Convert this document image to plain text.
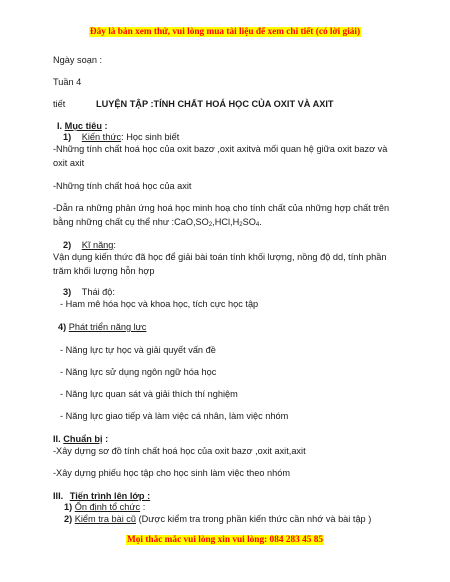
Đây là bản xem thử, vui lòng mua tài liệu để xem chi tiết (có lời giải)
Ngày soạn :
Tuần 4
tiết	LUYỆN TẬP :TÍNH CHẤT HOÁ HỌC CỦA OXIT VÀ AXIT
I. Mục tiêu :
1) Kiến thức: Học sinh biết
-Những tính chất hoá học của oxit bazơ ,oxit axitvà mối quan hệ giữa oxit bazơ và
oxit axit
-Những tính chất hoá học của axit
-Dẫn ra những phản ứng hoá học minh hoạ cho tính chất của những hợp chất trên
bằng những chất cụ thể như $:CaO,SO_2,HCl,H_2SO_4$.
2) Kĩ năng:
Vận dụng kiến thức đã học để giải bài toán tính khối lượng, nồng độ dd, tính phần
trăm khối lượng hỗn hợp
3) Thái độ:
- Ham mê hóa học và khoa học, tích cực học tập
4) Phát triển năng lực
- Năng lực tự học và giải quyết vấn đề
- Năng lực sử dụng ngôn ngữ hóa học
- Năng lực quan sát và giải thích thí nghiệm
- Năng lực giao tiếp và làm việc cá nhân, làm việc nhóm
II. Chuẩn bị :
-Xây dựng sơ đồ tính chất hoá học của oxit bazơ ,oxit axit,axit
-Xây dựng phiếu học tập cho học sinh làm việc theo nhóm
III. Tiến trình lên lớp :
1) Ổn định tổ chức :
2) Kiểm tra bài cũ (Dược kiểm tra trong phần kiến thức cần nhớ và bài tập )
Mọi thắc mắc vui lòng xin vui lòng: 084 283 45 85
